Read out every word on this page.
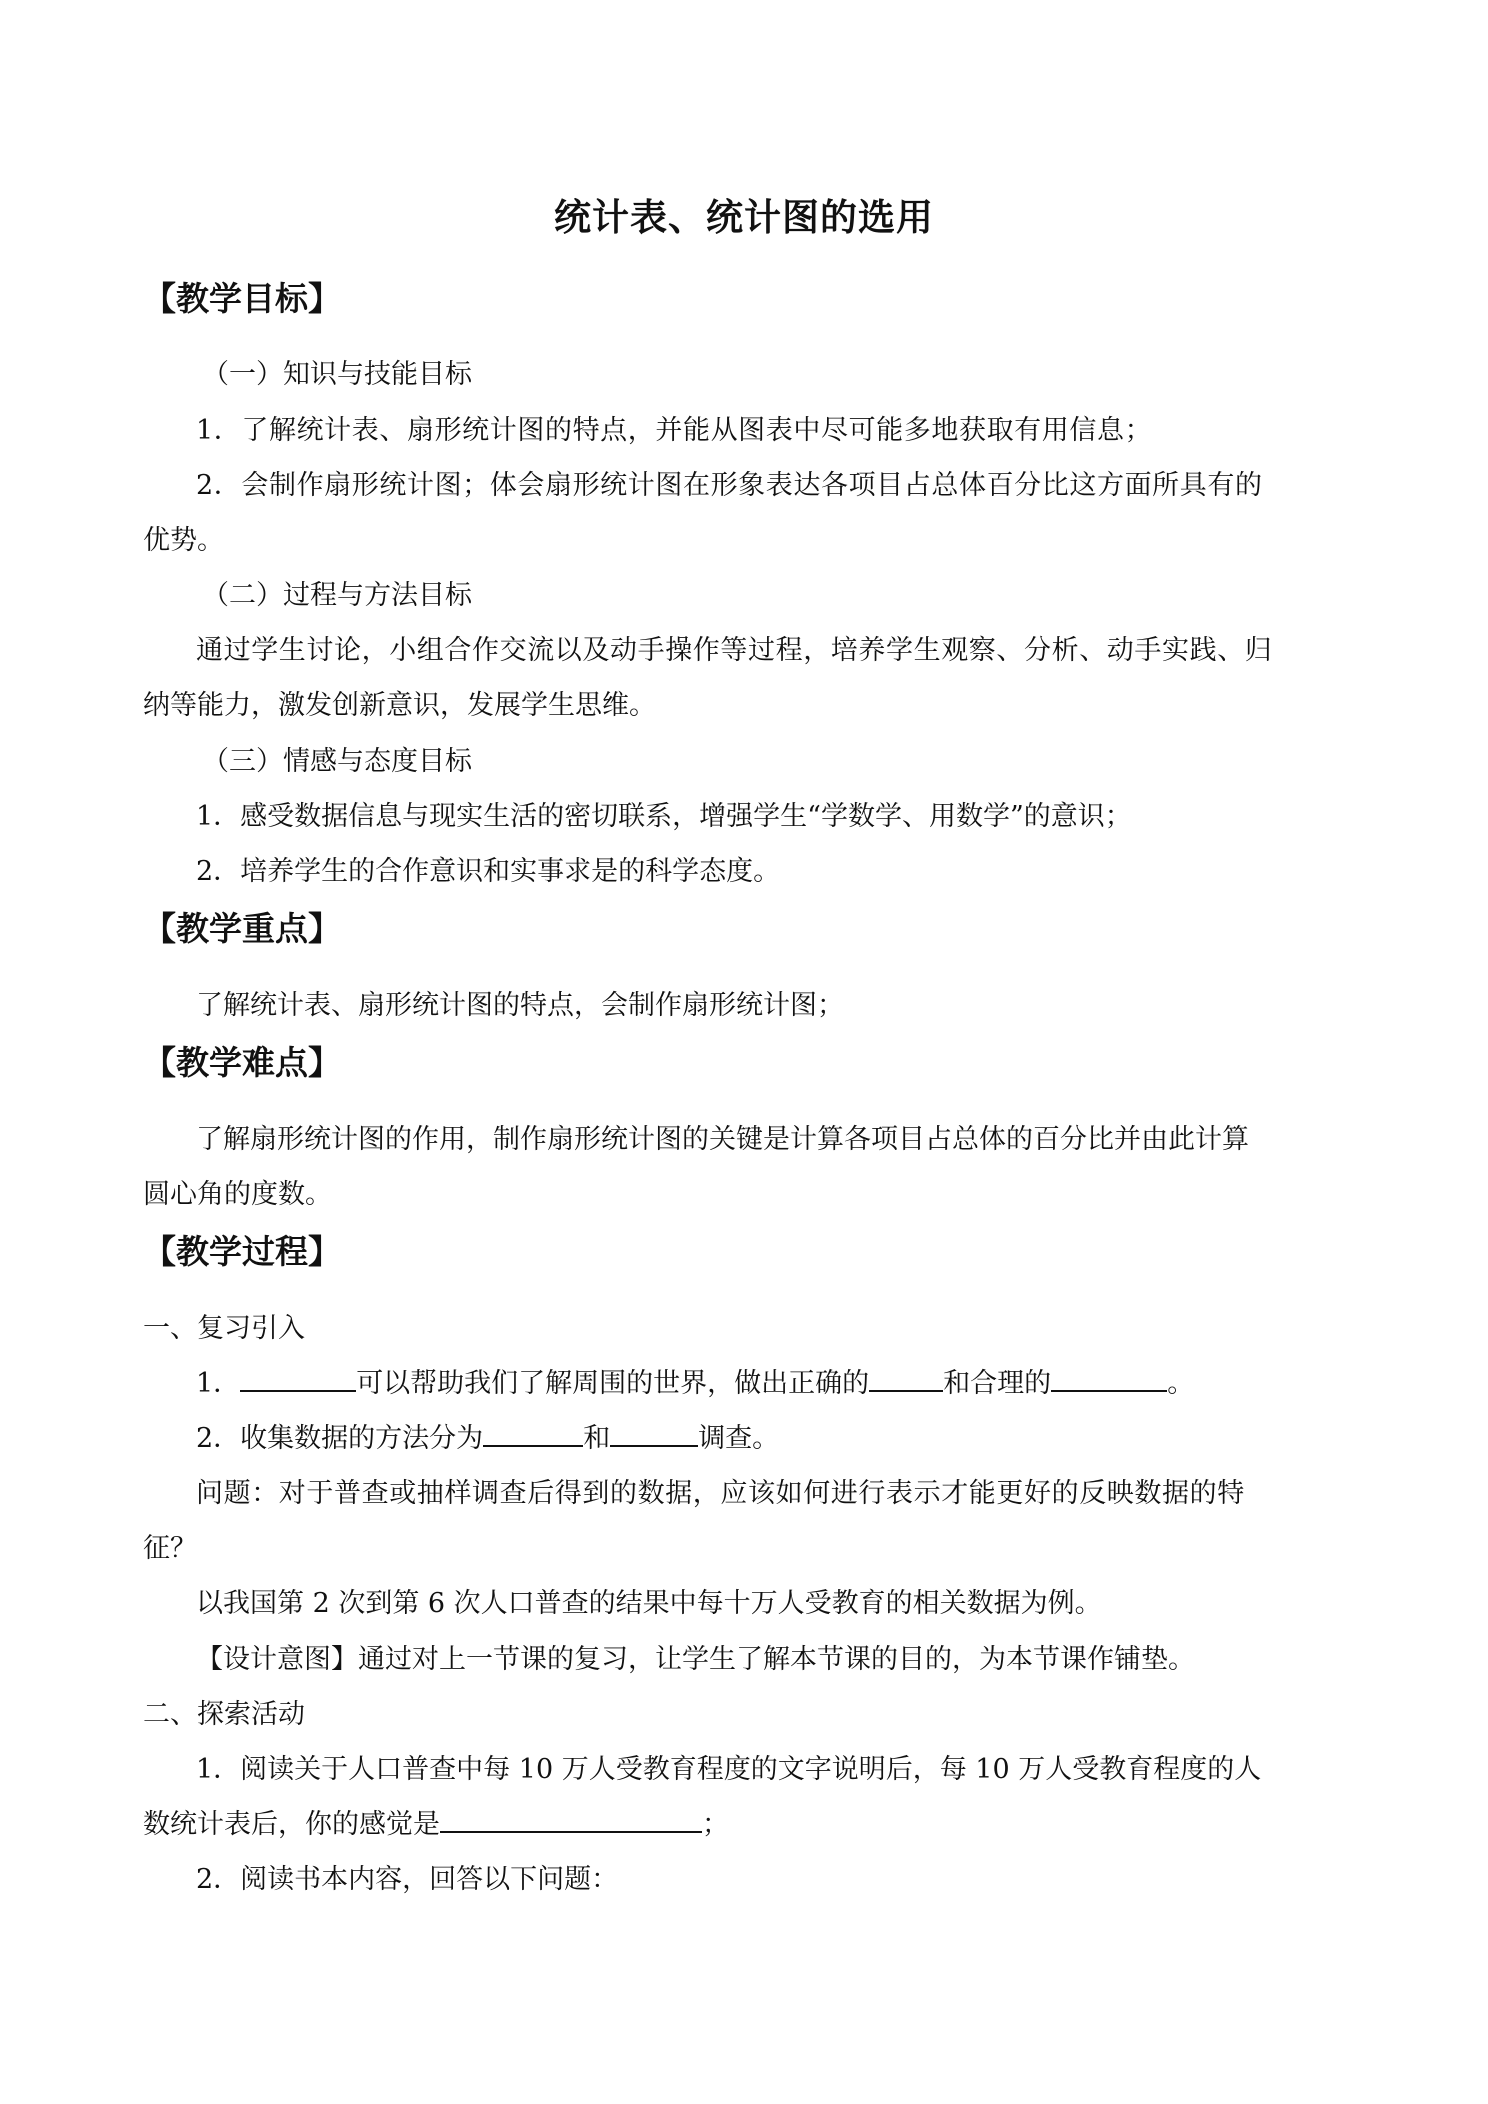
统计表、统计图的选用
【教学目标】
（一）知识与技能目标
1．了解统计表、扇形统计图的特点，并能从图表中尽可能多地获取有用信息；
2．会制作扇形统计图；体会扇形统计图在形象表达各项目占总体百分比这方面所具有的
优势。
（二）过程与方法目标
通过学生讨论，小组合作交流以及动手操作等过程，培养学生观察、分析、动手实践、归
纳等能力，激发创新意识，发展学生思维。
（三）情感与态度目标
1．感受数据信息与现实生活的密切联系，增强学生“学数学、用数学”的意识；
2．培养学生的合作意识和实事求是的科学态度。
【教学重点】
了解统计表、扇形统计图的特点，会制作扇形统计图；
【教学难点】
了解扇形统计图的作用，制作扇形统计图的关键是计算各项目占总体的百分比并由此计算
圆心角的度数。
【教学过程】
一、复习引入
1．	可以帮助我们了解周围的世界，做出正确的	和合理的	。
2．收集数据的方法分为	和	调查。
问题：对于普查或抽样调查后得到的数据，应该如何进行表示才能更好的反映数据的特
征？
以我国第 2 次到第 6 次人口普查的结果中每十万人受教育的相关数据为例。
【设计意图】通过对上一节课的复习，让学生了解本节课的目的，为本节课作铺垫。
二、探索活动
1．阅读关于人口普查中每 10 万人受教育程度的文字说明后，每 10 万人受教育程度的人
数统计表后，你的感觉是	；
2．阅读书本内容，回答以下问题：
